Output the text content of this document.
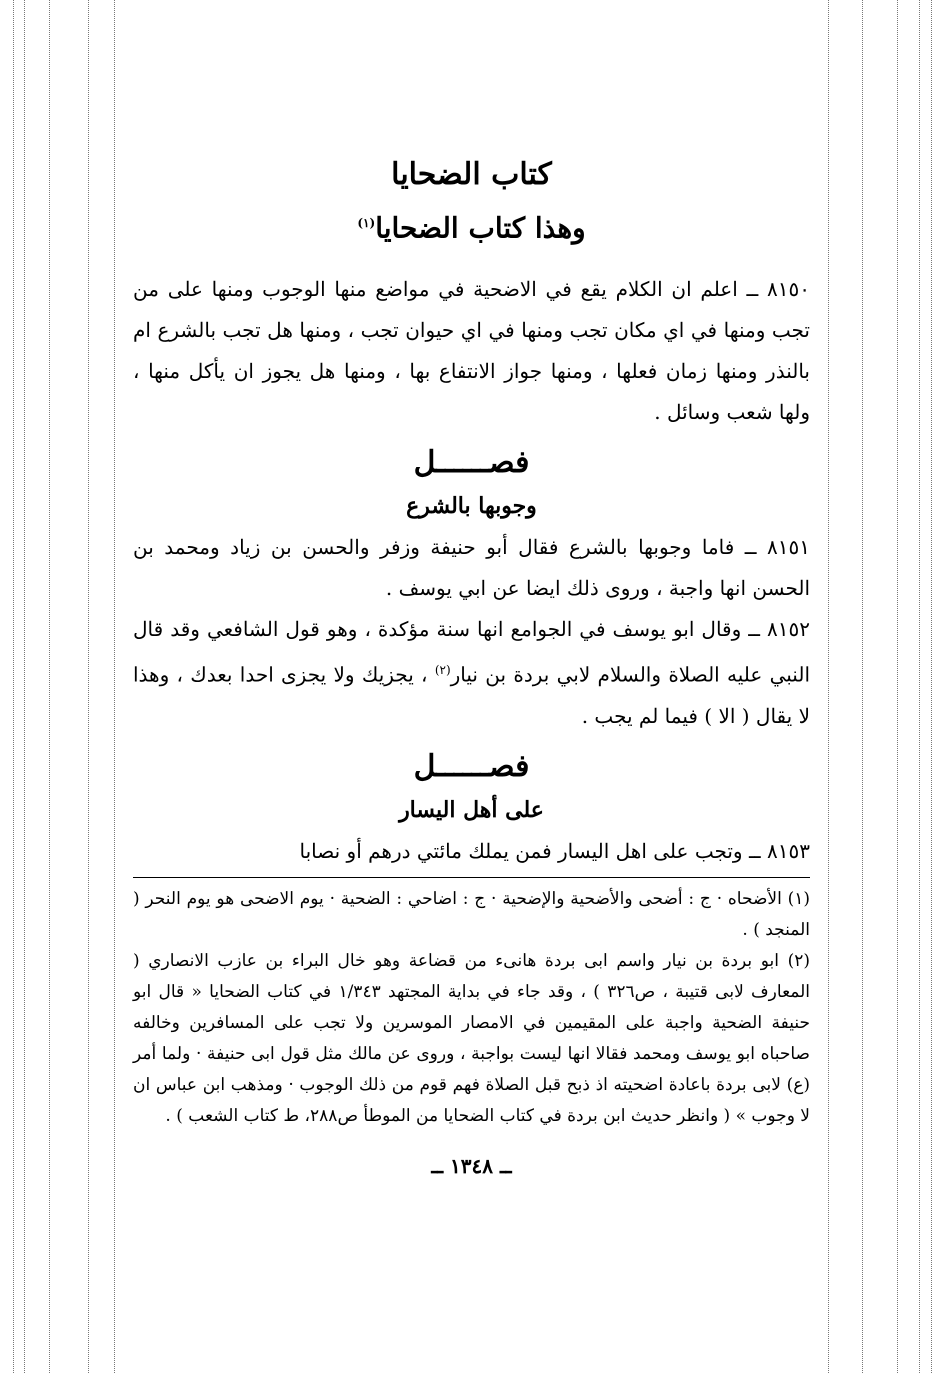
كتاب الضحايا
وهذا كتاب الضحايا$^{(١)}$

٨١٥٠ ــ اعلم ان الكلام يقع في الاضحية في مواضع منها الوجوب ومنها على من تجب ومنها في اي مكان تجب ومنها في اي حيوان تجب ، ومنها هل تجب بالشرع ام بالنذر ومنها زمان فعلها ، ومنها جواز الانتفاع بها ، ومنها هل يجوز ان يأكل منها ، ولها شعب وسائل .

فصــــــل
وجوبها بالشرع

٨١٥١ ــ فاما وجوبها بالشرع فقال أبو حنيفة وزفر والحسن بن زياد ومحمد بن الحسن انها واجبة ، وروى ذلك ايضا عن ابي يوسف .

٨١٥٢ ــ وقال ابو يوسف في الجوامع انها سنة مؤكدة ، وهو قول الشافعي وقد قال النبي عليه الصلاة والسلام لابي بردة بن نيار$^{(٢)}$ ، يجزيك ولا يجزى احدا بعدك ، وهذا لا يقال ( الا ) فيما لم يجب .

فصــــــل
على أهل اليسار

٨١٥٣ ــ وتجب على اهل اليسار فمن يملك مائتي درهم أو نصابا

(١) الأضحاه · ج : أضحى والأضحية والإضحية · ج : اضاحي : الضحية · يوم الاضحى هو يوم النحر ( المنجد ) .

(٢) ابو بردة بن نيار واسم ابى بردة هانىء من قضاعة وهو خال البراء بن عازب الانصاري ( المعارف لابى قتيبة ، ص٣٢٦ ) ، وقد جاء في بداية المجتهد ١/٣٤٣ في كتاب الضحايا « قال ابو حنيفة الضحية واجبة على المقيمين في الامصار الموسرين ولا تجب على المسافرين وخالفه صاحباه ابو يوسف ومحمد فقالا انها ليست بواجبة ، وروى عن مالك مثل قول ابى حنيفة · ولما أمر (ع) لابى بردة باعادة اضحيته اذ ذبح قبل الصلاة فهم قوم من ذلك الوجوب · ومذهب ابن عباس ان لا وجوب » ( وانظر حديث ابن بردة في كتاب الضحايا من الموطأ ص٢٨٨، ط كتاب الشعب ) .

ــ ١٣٤٨ ــ
